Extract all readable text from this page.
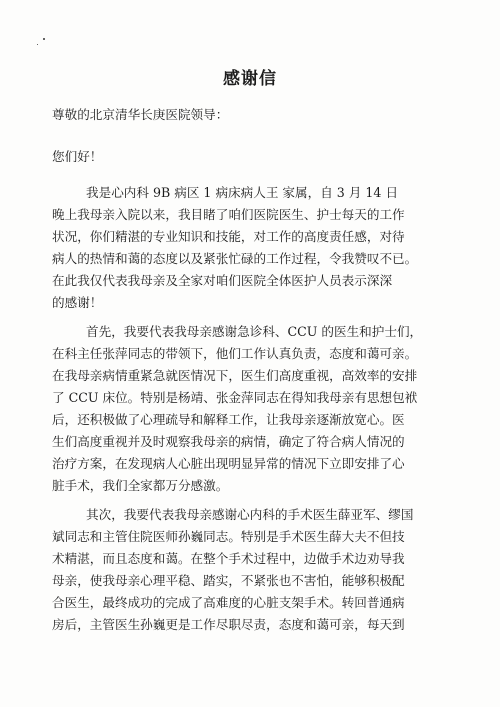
感谢信
尊敬的北京清华长庚医院领导：
您们好！
我是心内科 9B 病区 1 病床病人王 家属，自 3 月 14 日
晚上我母亲入院以来，我目睹了咱们医院医生、护士每天的工作
状况，你们精湛的专业知识和技能，对工作的高度责任感，对待
病人的热情和蔼的态度以及紧张忙碌的工作过程，令我赞叹不已。
在此我仅代表我母亲及全家对咱们医院全体医护人员表示深深
的感谢！
首先，我要代表我母亲感谢急诊科、CCU 的医生和护士们，
在科主任张萍同志的带领下，他们工作认真负责，态度和蔼可亲。
在我母亲病情重紧急就医情况下，医生们高度重视，高效率的安排
了 CCU 床位。特别是杨靖、张金萍同志在得知我母亲有思想包袱
后，还积极做了心理疏导和解释工作，让我母亲逐渐放宽心。医
生们高度重视并及时观察我母亲的病情，确定了符合病人情况的
治疗方案，在发现病人心脏出现明显异常的情况下立即安排了心
脏手术，我们全家都万分感激。
其次，我要代表我母亲感谢心内科的手术医生薛亚军、缪国
斌同志和主管住院医师孙巍同志。特别是手术医生薛大夫不但技
术精湛，而且态度和蔼。在整个手术过程中，边做手术边劝导我
母亲，使我母亲心理平稳、踏实，不紧张也不害怕，能够积极配
合医生，最终成功的完成了高难度的心脏支架手术。转回普通病
房后，主管医生孙巍更是工作尽职尽责，态度和蔼可亲，每天到
